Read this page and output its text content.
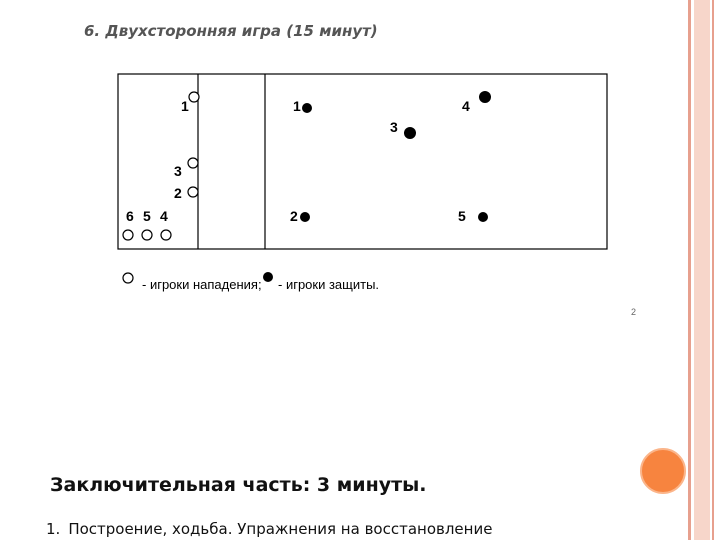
6. Двухсторонняя игра (15 минут)
1
3
2
6 5 4
1
3
4
2	5
- игроки нападения; - игроки защиты.
2
Заключительная часть: 3 минуты.
1. Построение, ходьба. Упражнения на восстановление
